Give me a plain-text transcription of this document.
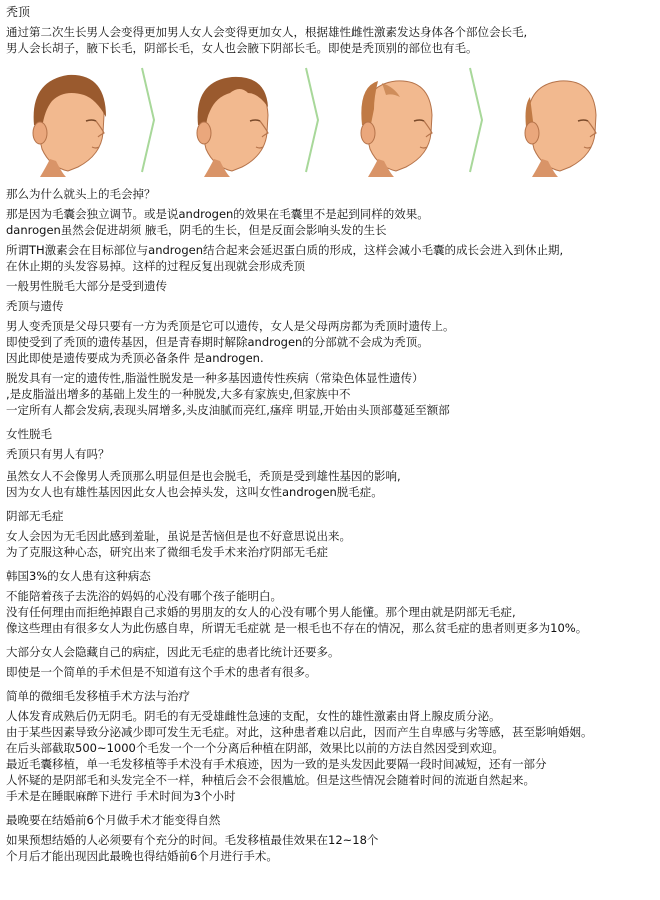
秃顶
通过第二次生长男人会变得更加男人女人会变得更加女人，根据雄性雌性激素发达身体各个部位会长毛,
男人会长胡子，腋下长毛，阴部长毛，女人也会腋下阴部长毛。即使是秃顶别的部位也有毛。
那么为什么就头上的毛会掉？
那是因为毛囊会独立调节。或是说androgen的效果在毛囊里不是起到同样的效果。
danrogen虽然会促进胡须 腋毛，阴毛的生长，但是反面会影响头发的生长
所谓TH激素会在目标部位与androgen结合起来会延迟蛋白质的形成，这样会减小毛囊的成长会进入到休止期,
在休止期的头发容易掉。这样的过程反复出现就会形成秃顶
一般男性脱毛大部分是受到遗传
秃顶与遗传
男人变秃顶是父母只要有一方为秃顶是它可以遗传，女人是父母两房都为秃顶时遗传上。
即使受到了秃顶的遗传基因，但是青春期时解除androgen的分部就不会成为秃顶。
因此即使是遗传要成为秃顶必备条件 是androgen.
脱发具有一定的遗传性,脂溢性脱发是一种多基因遗传性疾病（常染色体显性遗传）
,是皮脂溢出增多的基础上发生的一种脱发,大多有家族史,但家族中不
一定所有人都会发病,表现头屑增多,头皮油腻而亮红,瘙痒 明显,开始由头顶部蔓延至额部
女性脱毛
秃顶只有男人有吗？
虽然女人不会像男人秃顶那么明显但是也会脱毛，秃顶是受到雄性基因的影响,
因为女人也有雄性基因因此女人也会掉头发，这叫女性androgen脱毛症。
阴部无毛症
女人会因为无毛因此感到羞耻，虽说是苦恼但是也不好意思说出来。
为了克服这种心态，研究出来了微细毛发手术来治疗阴部无毛症
韩国3%的女人患有这种病态
不能陪着孩子去洗浴的妈妈的心没有哪个孩子能明白。
没有任何理由而拒绝掉跟自己求婚的男朋友的女人的心没有哪个男人能懂。那个理由就是阴部无毛症,
像这些理由有很多女人为此伤感自卑，所谓无毛症就 是一根毛也不存在的情况，那么贫毛症的患者则更多为10%。
大部分女人会隐藏自己的病症，因此无毛症的患者比统计还要多。
即使是一个简单的手术但是不知道有这个手术的患者有很多。
简单的微细毛发移植手术方法与治疗
人体发育成熟后仍无阴毛。阴毛的有无受雄雌性急速的支配，女性的雄性激素由肾上腺皮质分泌。
由于某些因素导致分泌减少即可发生无毛症。对此，这种患者难以启此，因而产生自卑感与劣等感，甚至影响婚姻。
在后头部截取500~1000个毛发一个一个分离后种植在阴部，效果比以前的方法自然因受到欢迎。
最近毛囊移植，单一毛发移植等手术没有手术痕迹，因为一致的是头发因此要隔一段时间减短，还有一部分
人怀疑的是阴部毛和头发完全不一样，种植后会不会很尴尬。但是这些情况会随着时间的流逝自然起来。
手术是在睡眠麻醉下进行 手术时间为3个小时
最晚要在结婚前6个月做手术才能变得自然
如果预想结婚的人必须要有个充分的时间。毛发移植最佳效果在12~18个
个月后才能出现因此最晚也得结婚前6个月进行手术。
